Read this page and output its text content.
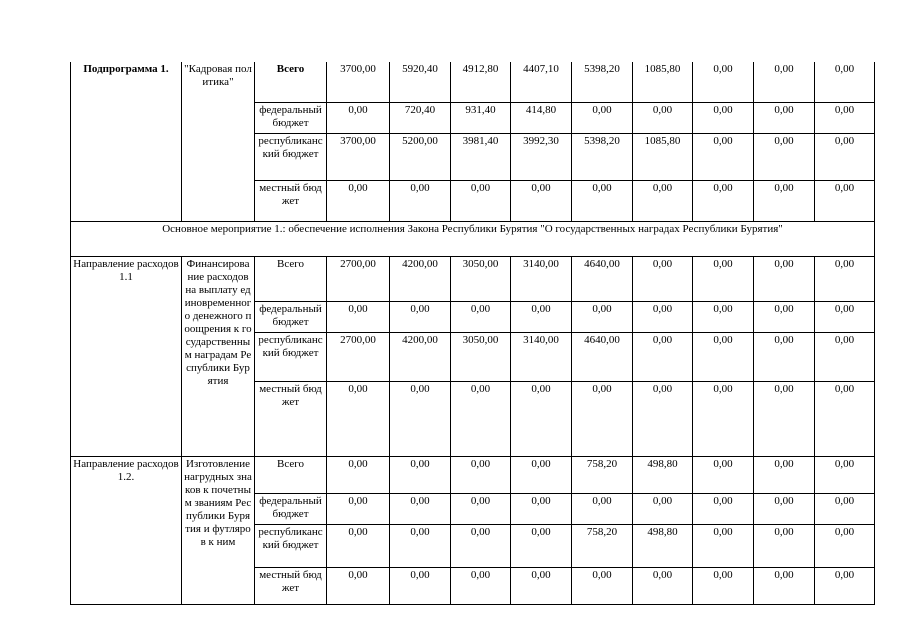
Подпрограмма 1.	"Кадровая политика"	Всего	3700,00	5920,40	4912,80	4407,10	5398,20	1085,80	0,00	0,00	0,00
		федеральный бюджет	0,00	720,40	931,40	414,80	0,00	0,00	0,00	0,00	0,00
		республиканский бюджет	3700,00	5200,00	3981,40	3992,30	5398,20	1085,80	0,00	0,00	0,00
		местный бюджет	0,00	0,00	0,00	0,00	0,00	0,00	0,00	0,00	0,00
Основное мероприятие 1.: обеспечение исполнения Закона Республики Бурятия "О государственных наградах Республики Бурятия"											
Направление расходов 1.1	Финансирование расходов на выплату единовременного денежного поощрения к государственным наградам Республики Бурятия	Всего	2700,00	4200,00	3050,00	3140,00	4640,00	0,00	0,00	0,00	0,00
		федеральный бюджет	0,00	0,00	0,00	0,00	0,00	0,00	0,00	0,00	0,00
		республиканский бюджет	2700,00	4200,00	3050,00	3140,00	4640,00	0,00	0,00	0,00	0,00
		местный бюджет	0,00	0,00	0,00	0,00	0,00	0,00	0,00	0,00	0,00
Направление расходов 1.2.	Изготовление нагрудных знаков к почетным званиям Республики Бурятия и футляров к ним	Всего	0,00	0,00	0,00	0,00	758,20	498,80	0,00	0,00	0,00
		федеральный бюджет	0,00	0,00	0,00	0,00	0,00	0,00	0,00	0,00	0,00
		республиканский бюджет	0,00	0,00	0,00	0,00	758,20	498,80	0,00	0,00	0,00
		местный бюджет	0,00	0,00	0,00	0,00	0,00	0,00	0,00	0,00	0,00
